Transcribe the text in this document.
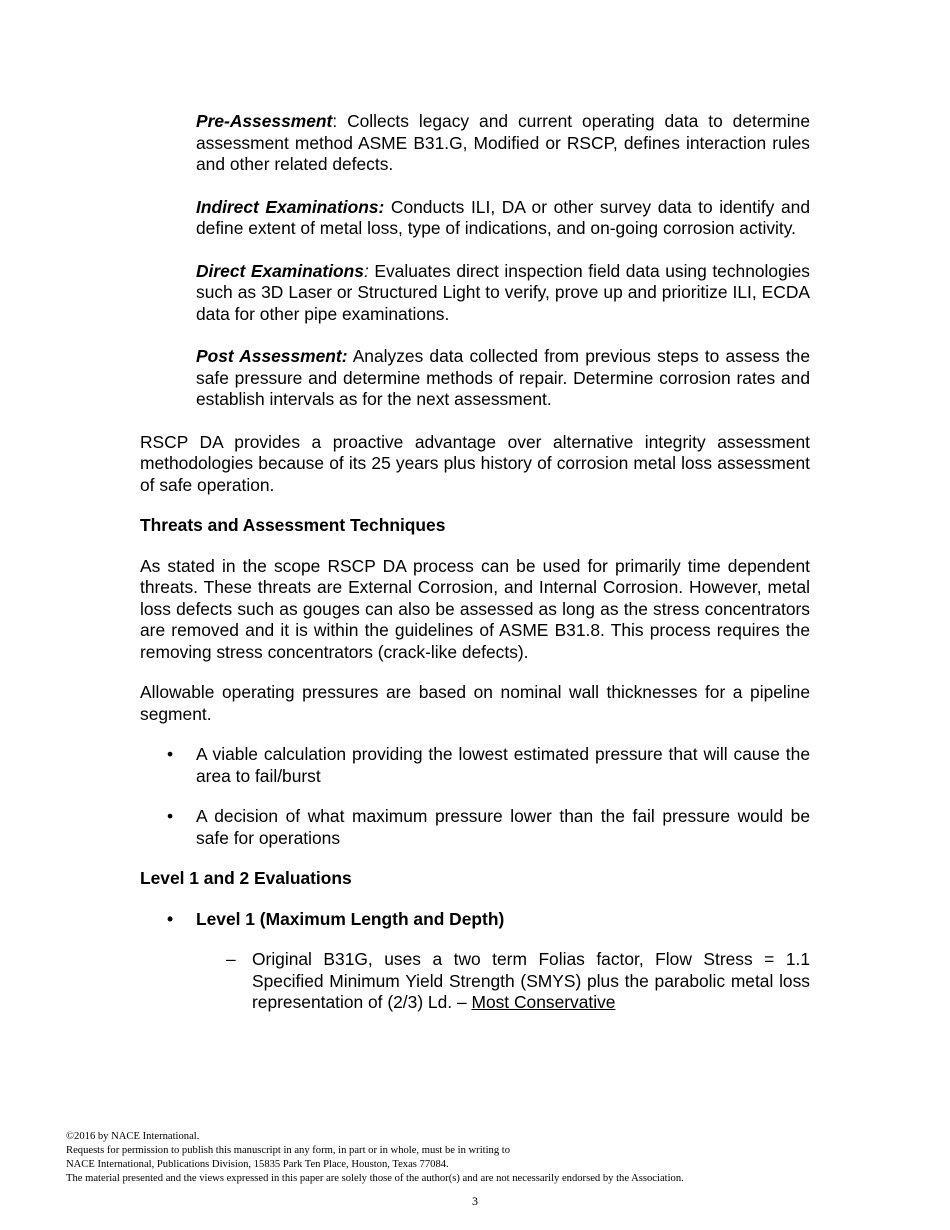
Pre-Assessment: Collects legacy and current operating data to determine assessment method ASME B31.G, Modified or RSCP, defines interaction rules and other related defects.

Indirect Examinations: Conducts ILI, DA or other survey data to identify and define extent of metal loss, type of indications, and on-going corrosion activity.

Direct Examinations: Evaluates direct inspection field data using technologies such as 3D Laser or Structured Light to verify, prove up and prioritize ILI, ECDA data for other pipe examinations.

Post Assessment: Analyzes data collected from previous steps to assess the safe pressure and determine methods of repair. Determine corrosion rates and establish intervals as for the next assessment.

RSCP DA provides a proactive advantage over alternative integrity assessment methodologies because of its 25 years plus history of corrosion metal loss assessment of safe operation.

Threats and Assessment Techniques

As stated in the scope RSCP DA process can be used for primarily time dependent threats. These threats are External Corrosion, and Internal Corrosion. However, metal loss defects such as gouges can also be assessed as long as the stress concentrators are removed and it is within the guidelines of ASME B31.8. This process requires the removing stress concentrators (crack-like defects).

Allowable operating pressures are based on nominal wall thicknesses for a pipeline segment.

• A viable calculation providing the lowest estimated pressure that will cause the area to fail/burst
• A decision of what maximum pressure lower than the fail pressure would be safe for operations

Level 1 and 2 Evaluations

• Level 1 (Maximum Length and Depth)
– Original B31G, uses a two term Folias factor, Flow Stress = 1.1 Specified Minimum Yield Strength (SMYS) plus the parabolic metal loss representation of (2/3) Ld. – Most Conservative
©2016 by NACE International.
Requests for permission to publish this manuscript in any form, in part or in whole, must be in writing to
NACE International, Publications Division, 15835 Park Ten Place, Houston, Texas 77084.
The material presented and the views expressed in this paper are solely those of the author(s) and are not necessarily endorsed by the Association.
3
